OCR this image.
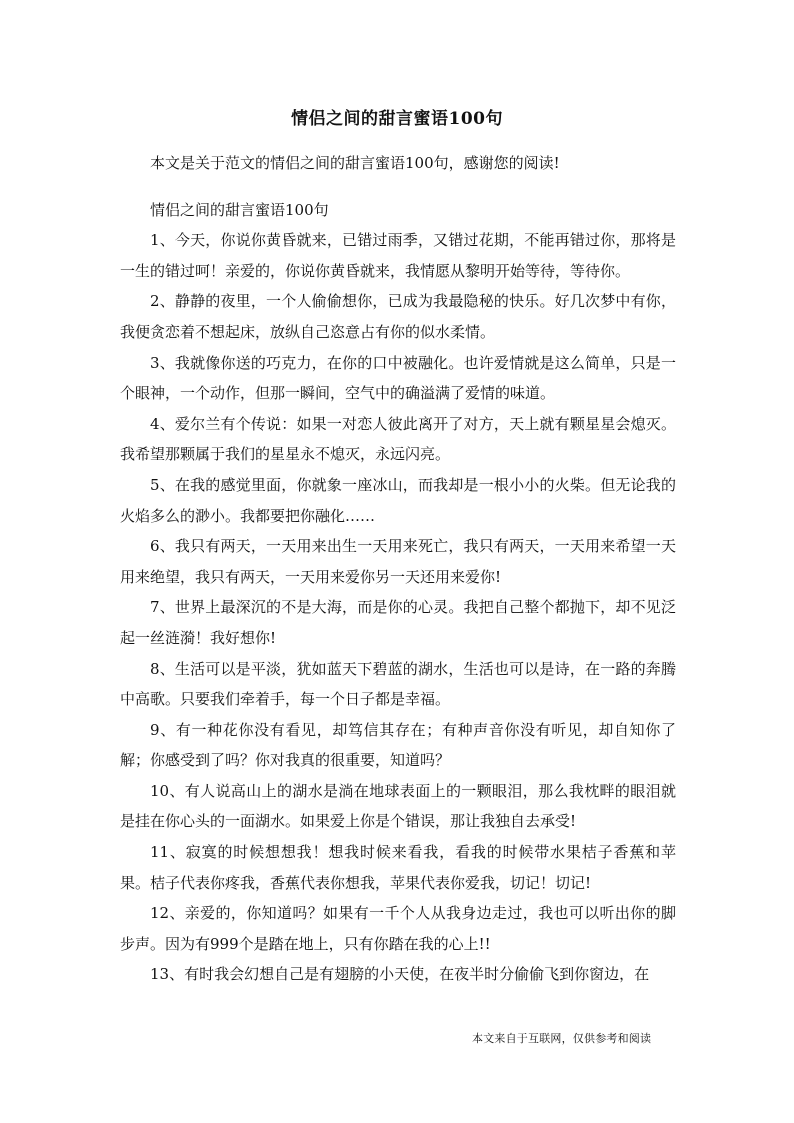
情侣之间的甜言蜜语100句

本文是关于范文的情侣之间的甜言蜜语100句，感谢您的阅读!

情侣之间的甜言蜜语100句

1、今天，你说你黄昏就来，已错过雨季，又错过花期，不能再错过你，那将是一生的错过呵！亲爱的，你说你黄昏就来，我情愿从黎明开始等待，等待你。

2、静静的夜里，一个人偷偷想你，已成为我最隐秘的快乐。好几次梦中有你，我便贪恋着不想起床，放纵自己恣意占有你的似水柔情。

3、我就像你送的巧克力，在你的口中被融化。也许爱情就是这么简单，只是一个眼神，一个动作，但那一瞬间，空气中的确溢满了爱情的味道。

4、爱尔兰有个传说：如果一对恋人彼此离开了对方，天上就有颗星星会熄灭。我希望那颗属于我们的星星永不熄灭，永远闪亮。

5、在我的感觉里面，你就象一座冰山，而我却是一根小小的火柴。但无论我的火焰多么的渺小。我都要把你融化……

6、我只有两天，一天用来出生一天用来死亡，我只有两天，一天用来希望一天用来绝望，我只有两天，一天用来爱你另一天还用来爱你!

7、世界上最深沉的不是大海，而是你的心灵。我把自己整个都抛下，却不见泛起一丝涟漪！我好想你!

8、生活可以是平淡，犹如蓝天下碧蓝的湖水，生活也可以是诗，在一路的奔腾中高歌。只要我们牵着手，每一个日子都是幸福。

9、有一种花你没有看见，却笃信其存在；有种声音你没有听见，却自知你了解；你感受到了吗？你对我真的很重要，知道吗？

10、有人说高山上的湖水是淌在地球表面上的一颗眼泪，那么我枕畔的眼泪就是挂在你心头的一面湖水。如果爱上你是个错误，那让我独自去承受!

11、寂寞的时候想想我！想我时候来看我，看我的时候带水果桔子香蕉和苹果。桔子代表你疼我，香蕉代表你想我，苹果代表你爱我，切记！切记!

12、亲爱的，你知道吗？如果有一千个人从我身边走过，我也可以听出你的脚步声。因为有999个是踏在地上，只有你踏在我的心上!!

13、有时我会幻想自己是有翅膀的小天使，在夜半时分偷偷飞到你窗边，在

本文来自于互联网，仅供参考和阅读
